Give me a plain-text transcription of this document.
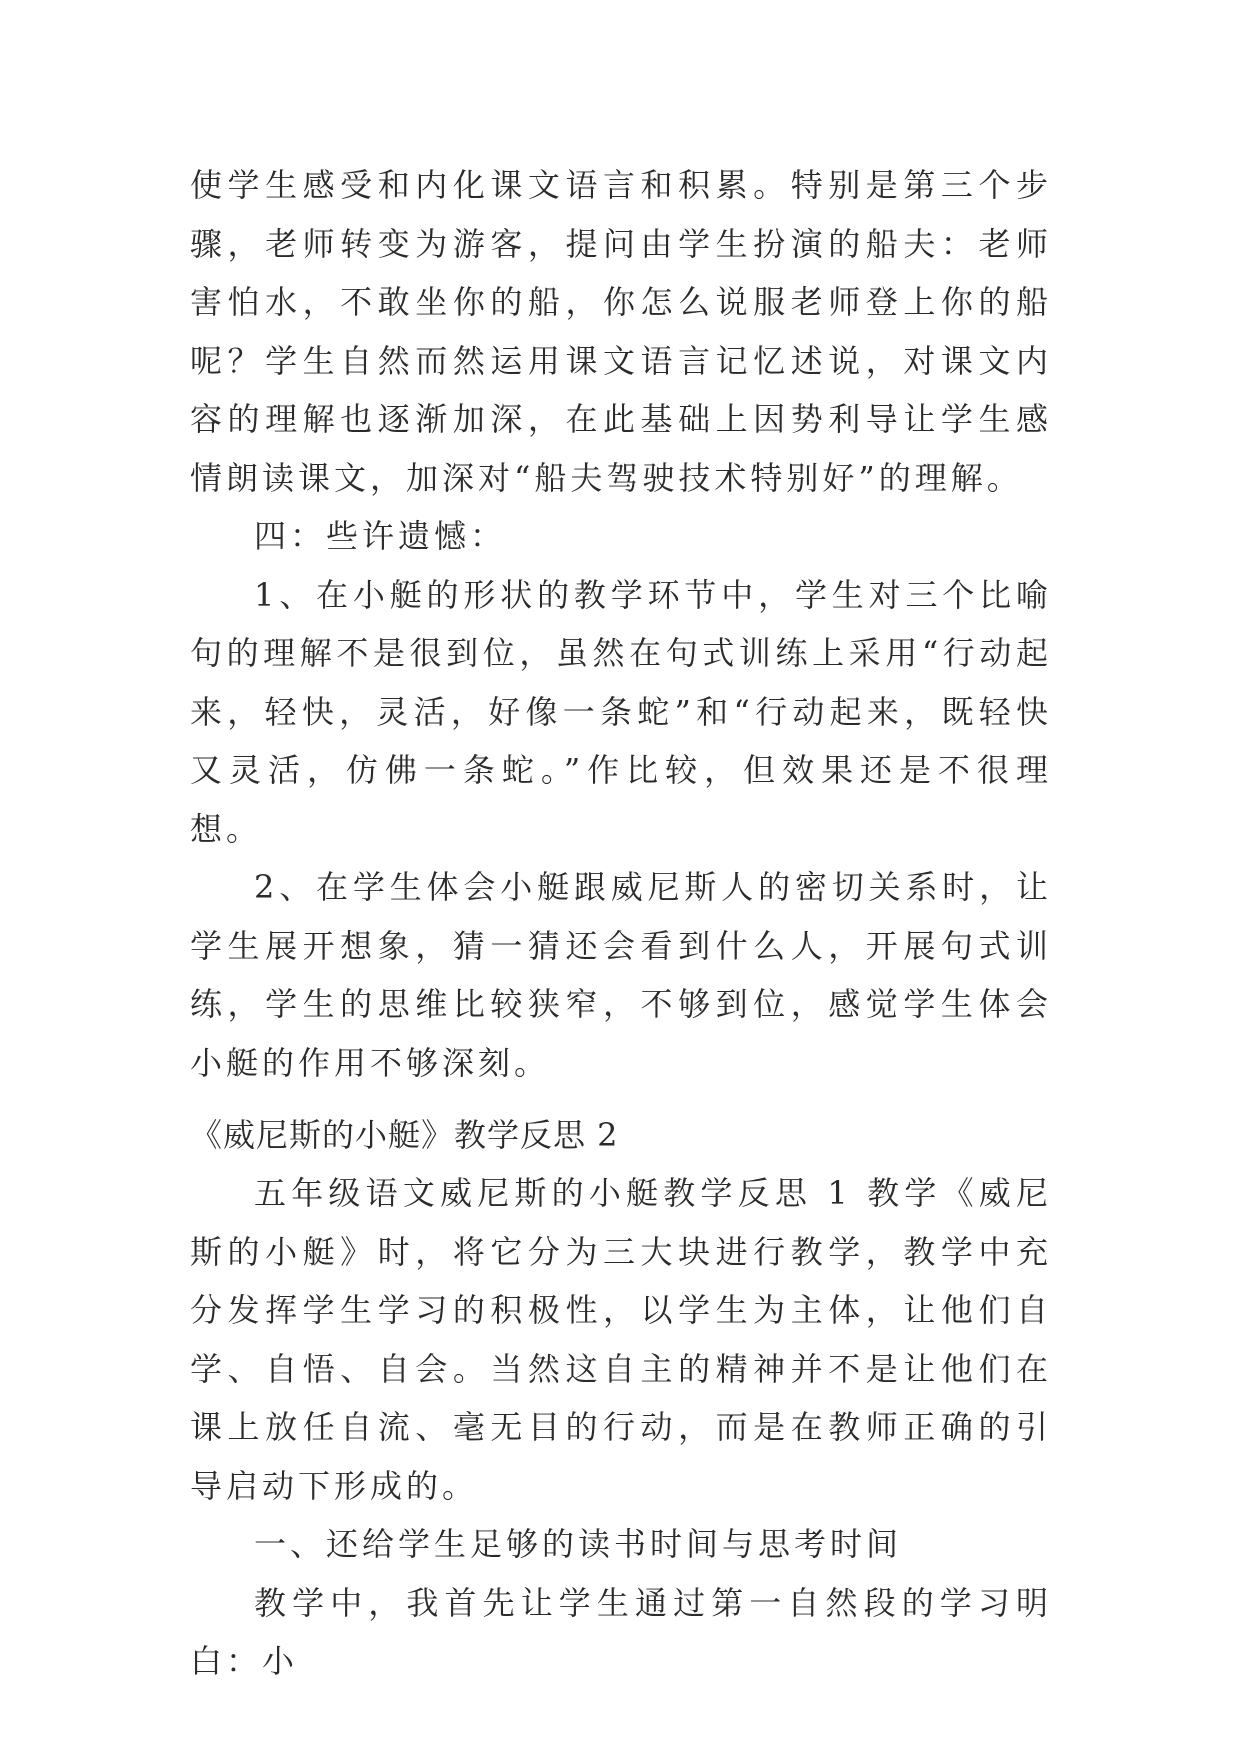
使学生感受和内化课文语言和积累。特别是第三个步骤，老师转变为游客，提问由学生扮演的船夫：老师害怕水，不敢坐你的船，你怎么说服老师登上你的船呢？学生自然而然运用课文语言记忆述说，对课文内容的理解也逐渐加深，在此基础上因势利导让学生感情朗读课文，加深对“船夫驾驶技术特别好”的理解。

四：些许遗憾：

1、在小艇的形状的教学环节中，学生对三个比喻句的理解不是很到位，虽然在句式训练上采用“行动起来，轻快，灵活，好像一条蛇”和“行动起来，既轻快又灵活，仿佛一条蛇。”作比较，但效果还是不很理想。

2、在学生体会小艇跟威尼斯人的密切关系时，让学生展开想象，猜一猜还会看到什么人，开展句式训练，学生的思维比较狭窄，不够到位，感觉学生体会小艇的作用不够深刻。

《威尼斯的小艇》教学反思 2

五年级语文威尼斯的小艇教学反思 1 教学《威尼斯的小艇》时，将它分为三大块进行教学，教学中充分发挥学生学习的积极性，以学生为主体，让他们自学、自悟、自会。当然这自主的精神并不是让他们在课上放任自流、毫无目的行动，而是在教师正确的引导启动下形成的。

一、还给学生足够的读书时间与思考时间

教学中，我首先让学生通过第一自然段的学习明白：小
